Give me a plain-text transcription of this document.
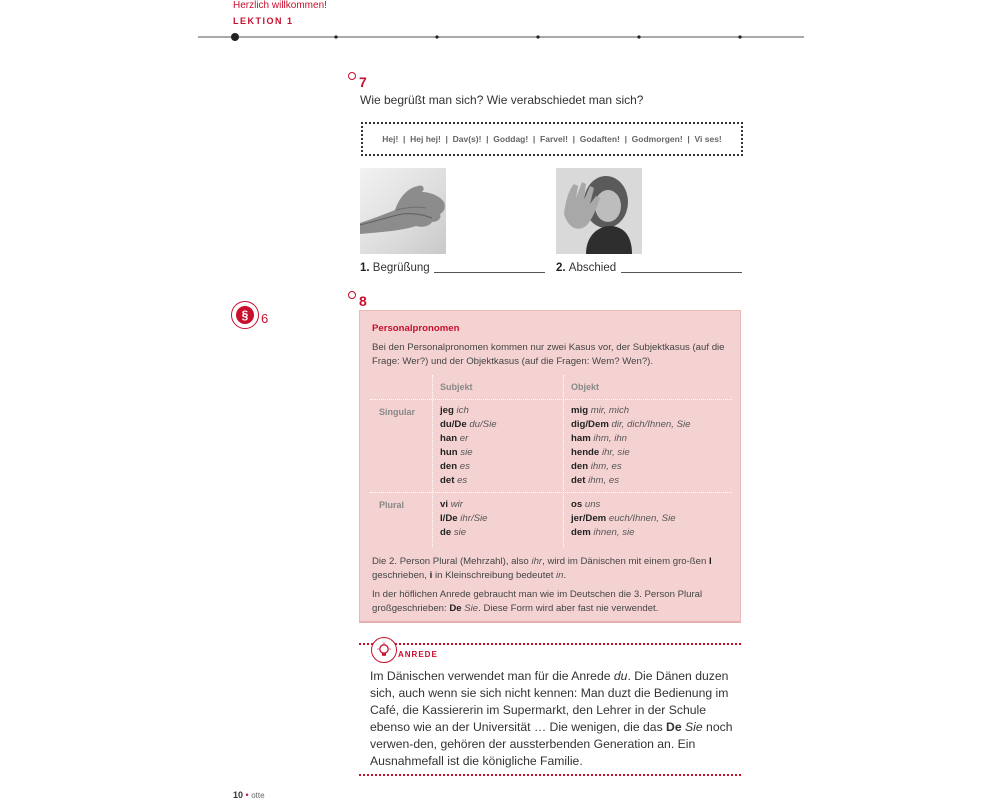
Herzlich willkommen!
LEKTION 1
7
Wie begrüßt man sich? Wie verabschiedet man sich?
Hej!  |  Hej hej!  |  Dav(s)!  |  Goddag!  |  Farvel!  |  Godaften!  |  Godmorgen!  |  Vi ses!
1. Begrüßung	2. Abschied
§ 6
8
Personalpronomen
Bei den Personalpronomen kommen nur zwei Kasus vor, der Subjektkasus (auf die Frage: Wer?) und der Objektkasus (auf die Fragen: Wem? Wen?).
Subjekt	Objekt
Singular
Plural
jeg ich
du/De du/Sie
han er
hun sie
den es
det es
mig mir, mich
dig/Dem dir, dich/Ihnen, Sie
ham ihm, ihn
hende ihr, sie
den ihm, es
det ihm, es
vi wir
I/De ihr/Sie
de sie
os uns
jer/Dem euch/Ihnen, Sie
dem ihnen, sie
Die 2. Person Plural (Mehrzahl), also ihr, wird im Dänischen mit einem gro-ßen I geschrieben, i in Kleinschreibung bedeutet in.
In der höflichen Anrede gebraucht man wie im Deutschen die 3. Person Plural großgeschrieben: De Sie. Diese Form wird aber fast nie verwendet.
ANREDE
Im Dänischen verwendet man für die Anrede du. Die Dänen duzen sich, auch wenn sie sich nicht kennen: Man duzt die Bedienung im Café, die Kassiererin im Supermarkt, den Lehrer in der Schule ebenso wie an der Universität … Die wenigen, die das De Sie noch verwen-den, gehören der aussterbenden Generation an. Ein Ausnahmefall ist die königliche Familie.
10 • otte
